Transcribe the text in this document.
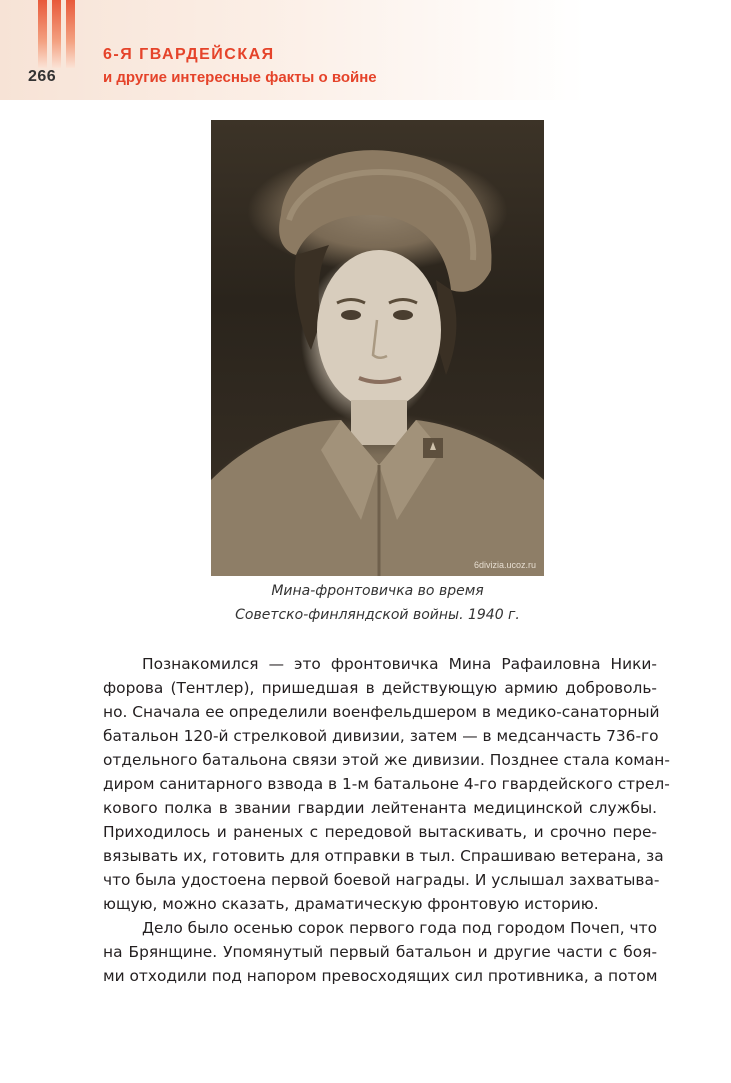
266
6-Я ГВАРДЕЙСКАЯ
и другие интересные факты о войне
6divizia.ucoz.ru
Мина-фронтовичка во время
Советско-финляндской войны. 1940 г.
Познакомился — это фронтовичка Мина Рафаиловна Ники-
форова (Тентлер), пришедшая в действующую армию доброволь-
но. Сначала ее определили военфельдшером в медико-санаторный
батальон 120-й стрелковой дивизии, затем — в медсанчасть 736-го
отдельного батальона связи этой же дивизии. Позднее стала коман-
диром санитарного взвода в 1-м батальоне 4-го гвардейского стрел-
кового полка в звании гвардии лейтенанта медицинской службы.
Приходилось и раненых с передовой вытаскивать, и срочно пере-
вязывать их, готовить для отправки в тыл. Спрашиваю ветерана, за
что была удостоена первой боевой награды. И услышал захватыва-
ющую, можно сказать, драматическую фронтовую историю.
Дело было осенью сорок первого года под городом Почеп, что
на Брянщине. Упомянутый первый батальон и другие части с боя-
ми отходили под напором превосходящих сил противника, а потом
